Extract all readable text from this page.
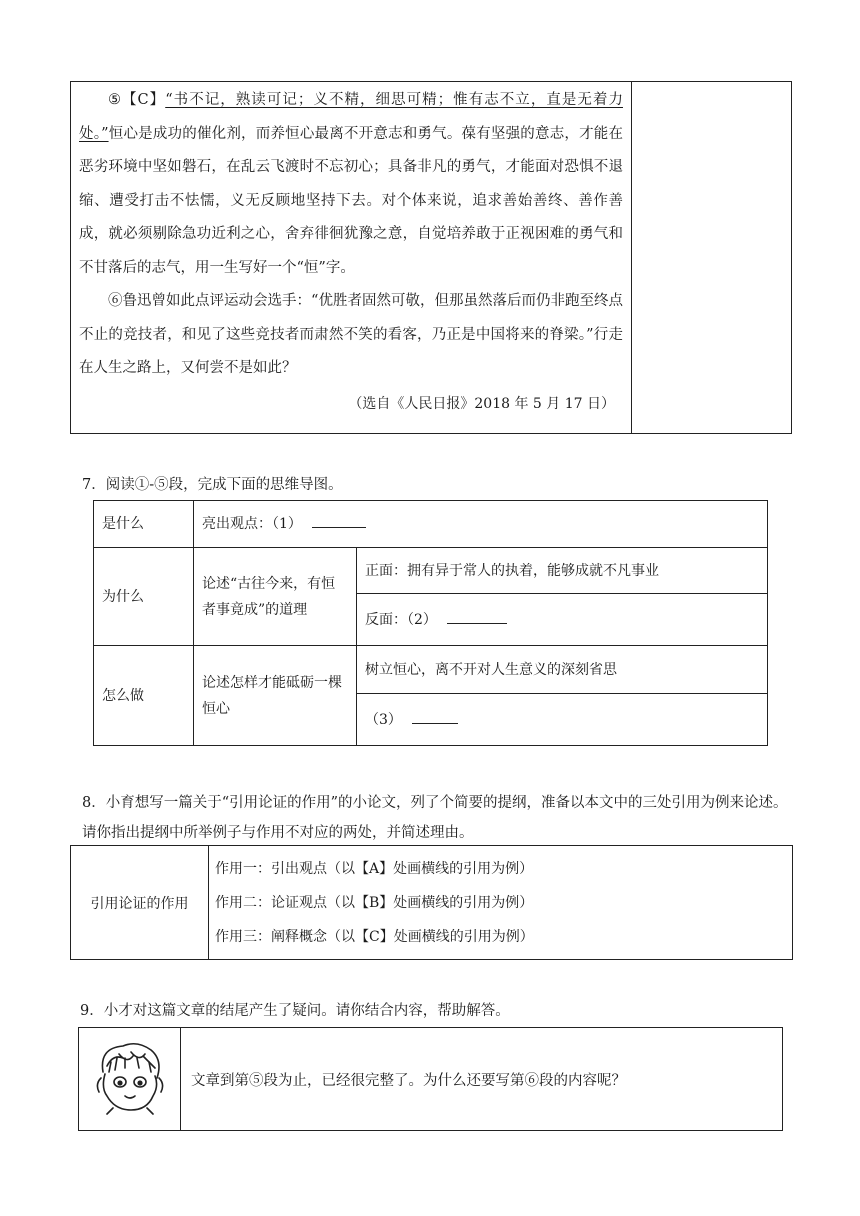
⑤【C】“书不记，熟读可记；义不精，细思可精；惟有志不立，直是无着力处。”恒心是成功的催化剂，而养恒心最离不开意志和勇气。葆有坚强的意志，才能在恶劣环境中坚如磐石，在乱云飞渡时不忘初心；具备非凡的勇气，才能面对恐惧不退缩、遭受打击不怯懦，义无反顾地坚持下去。对个体来说，追求善始善终、善作善成，就必须剔除急功近利之心，舍弃徘徊犹豫之意，自觉培养敢于正视困难的勇气和不甘落后的志气，用一生写好一个“恒”字。

⑥鲁迅曾如此点评运动会选手：“优胜者固然可敬，但那虽然落后而仍非跑至终点不止的竞技者，和见了这些竞技者而肃然不笑的看客，乃正是中国将来的脊梁。”行走在人生之路上，又何尝不是如此？

（选自《人民日报》2018 年 5 月 17 日）

7．阅读①-⑤段，完成下面的思维导图。
是什么	亮出观点：（1）	
为什么	论述“古往今来，有恒者事竟成”的道理	正面：拥有异于常人的执着，能够成就不凡事业
		反面：（2）
怎么做	论述怎样才能砥砺一棵恒心	树立恒心，离不开对人生意义的深刻省思
		（3）
8．小育想写一篇关于“引用论证的作用”的小论文，列了个简要的提纲，准备以本文中的三处引用为例来论述。请你指出提纲中所举例子与作用不对应的两处，并简述理由。
引用论证的作用	
作用一：引出观点（以【A】处画横线的引用为例）
作用二：论证观点（以【B】处画横线的引用为例）
作用三：阐释概念（以【C】处画横线的引用为例）
9．小才对这篇文章的结尾产生了疑问。请你结合内容，帮助解答。
	文章到第⑤段为止，已经很完整了。为什么还要写第⑥段的内容呢？
